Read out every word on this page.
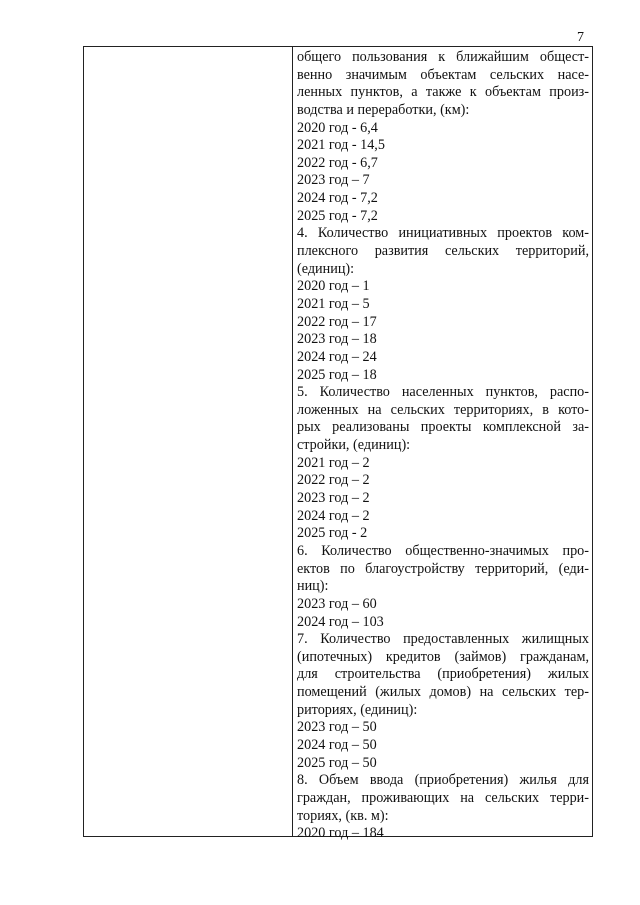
7
общего пользования к ближайшим общест-
венно значимым объектам сельских насе-
ленных пунктов, а также к объектам произ-
водства и переработки, (км):
2020 год - 6,4
2021 год - 14,5
2022 год - 6,7
2023 год – 7
2024 год - 7,2
2025 год - 7,2
4. Количество инициативных проектов ком-
плексного развития сельских территорий,
(единиц):
2020 год – 1
2021 год – 5
2022 год – 17
2023 год – 18
2024 год – 24
2025 год – 18
5. Количество населенных пунктов, распо-
ложенных на сельских территориях, в кото-
рых реализованы проекты комплексной за-
стройки, (единиц):
2021 год – 2
2022 год – 2
2023 год – 2
2024 год – 2
2025 год - 2
6. Количество общественно-значимых про-
ектов по благоустройству территорий, (еди-
ниц):
2023 год – 60
2024 год – 103
7. Количество предоставленных жилищных
(ипотечных) кредитов (займов) гражданам,
для строительства (приобретения) жилых
помещений (жилых домов) на сельских тер-
риториях, (единиц):
2023 год – 50
2024 год – 50
2025 год – 50
8. Объем ввода (приобретения) жилья для
граждан, проживающих на сельских терри-
ториях, (кв. м):
2020 год – 184
